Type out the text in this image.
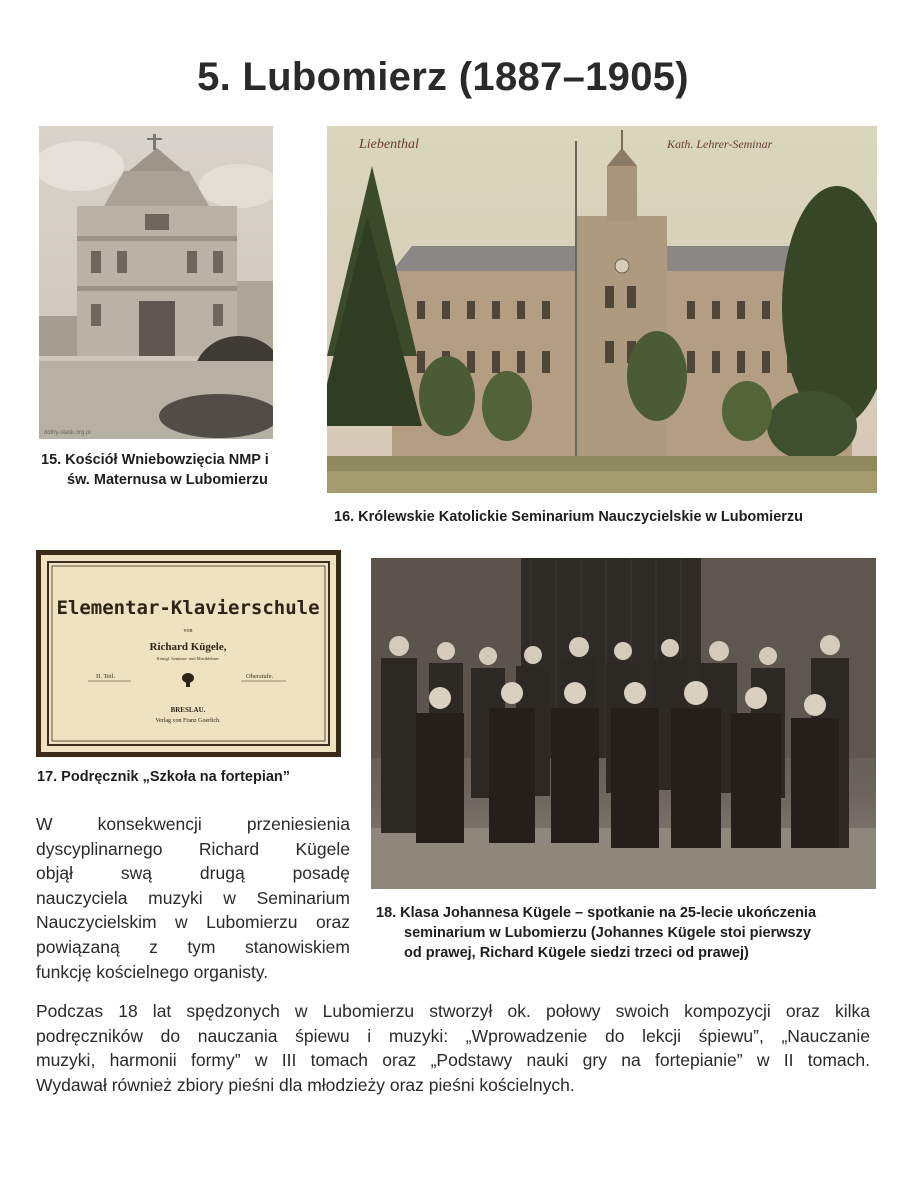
5. Lubomierz (1887–1905)
dolny-slask.org.pl
15. Kościół Wniebowzięcia NMP i
św. Maternusa w Lubomierzu
Liebenthal	Kath. Lehrer-Seminar
16. Królewskie Katolickie Seminarium Nauczycielskie w Lubomierzu
Elementar-Klavierschule
von
Richard Kügele,
Königl. Seminar- und Musiklehrer.
II. Teil.	Oberstufe.
BRESLAU.
Verlag von Franz Goerlich.
17. Podręcznik „Szkoła na fortepian”
18. Klasa Johannesa Kügele – spotkanie na 25-lecie ukończenia
seminarium w Lubomierzu (Johannes Kügele stoi pierwszy
od prawej, Richard Kügele siedzi trzeci od prawej)
W konsekwencji przeniesienia
dyscyplinarnego Richard Kügele
objął swą drugą posadę
nauczyciela muzyki w Seminarium
Nauczycielskim w Lubomierzu oraz
powiązaną z tym stanowiskiem
funkcję kościelnego organisty.
Podczas 18 lat spędzonych w Lubomierzu stworzył ok. połowy swoich kompozycji oraz kilka
podręczników do nauczania śpiewu i muzyki: „Wprowadzenie do lekcji śpiewu”, „Nauczanie
muzyki, harmonii formy” w III tomach oraz „Podstawy nauki gry na fortepianie” w II tomach.
Wydawał również zbiory pieśni dla młodzieży oraz pieśni kościelnych.
